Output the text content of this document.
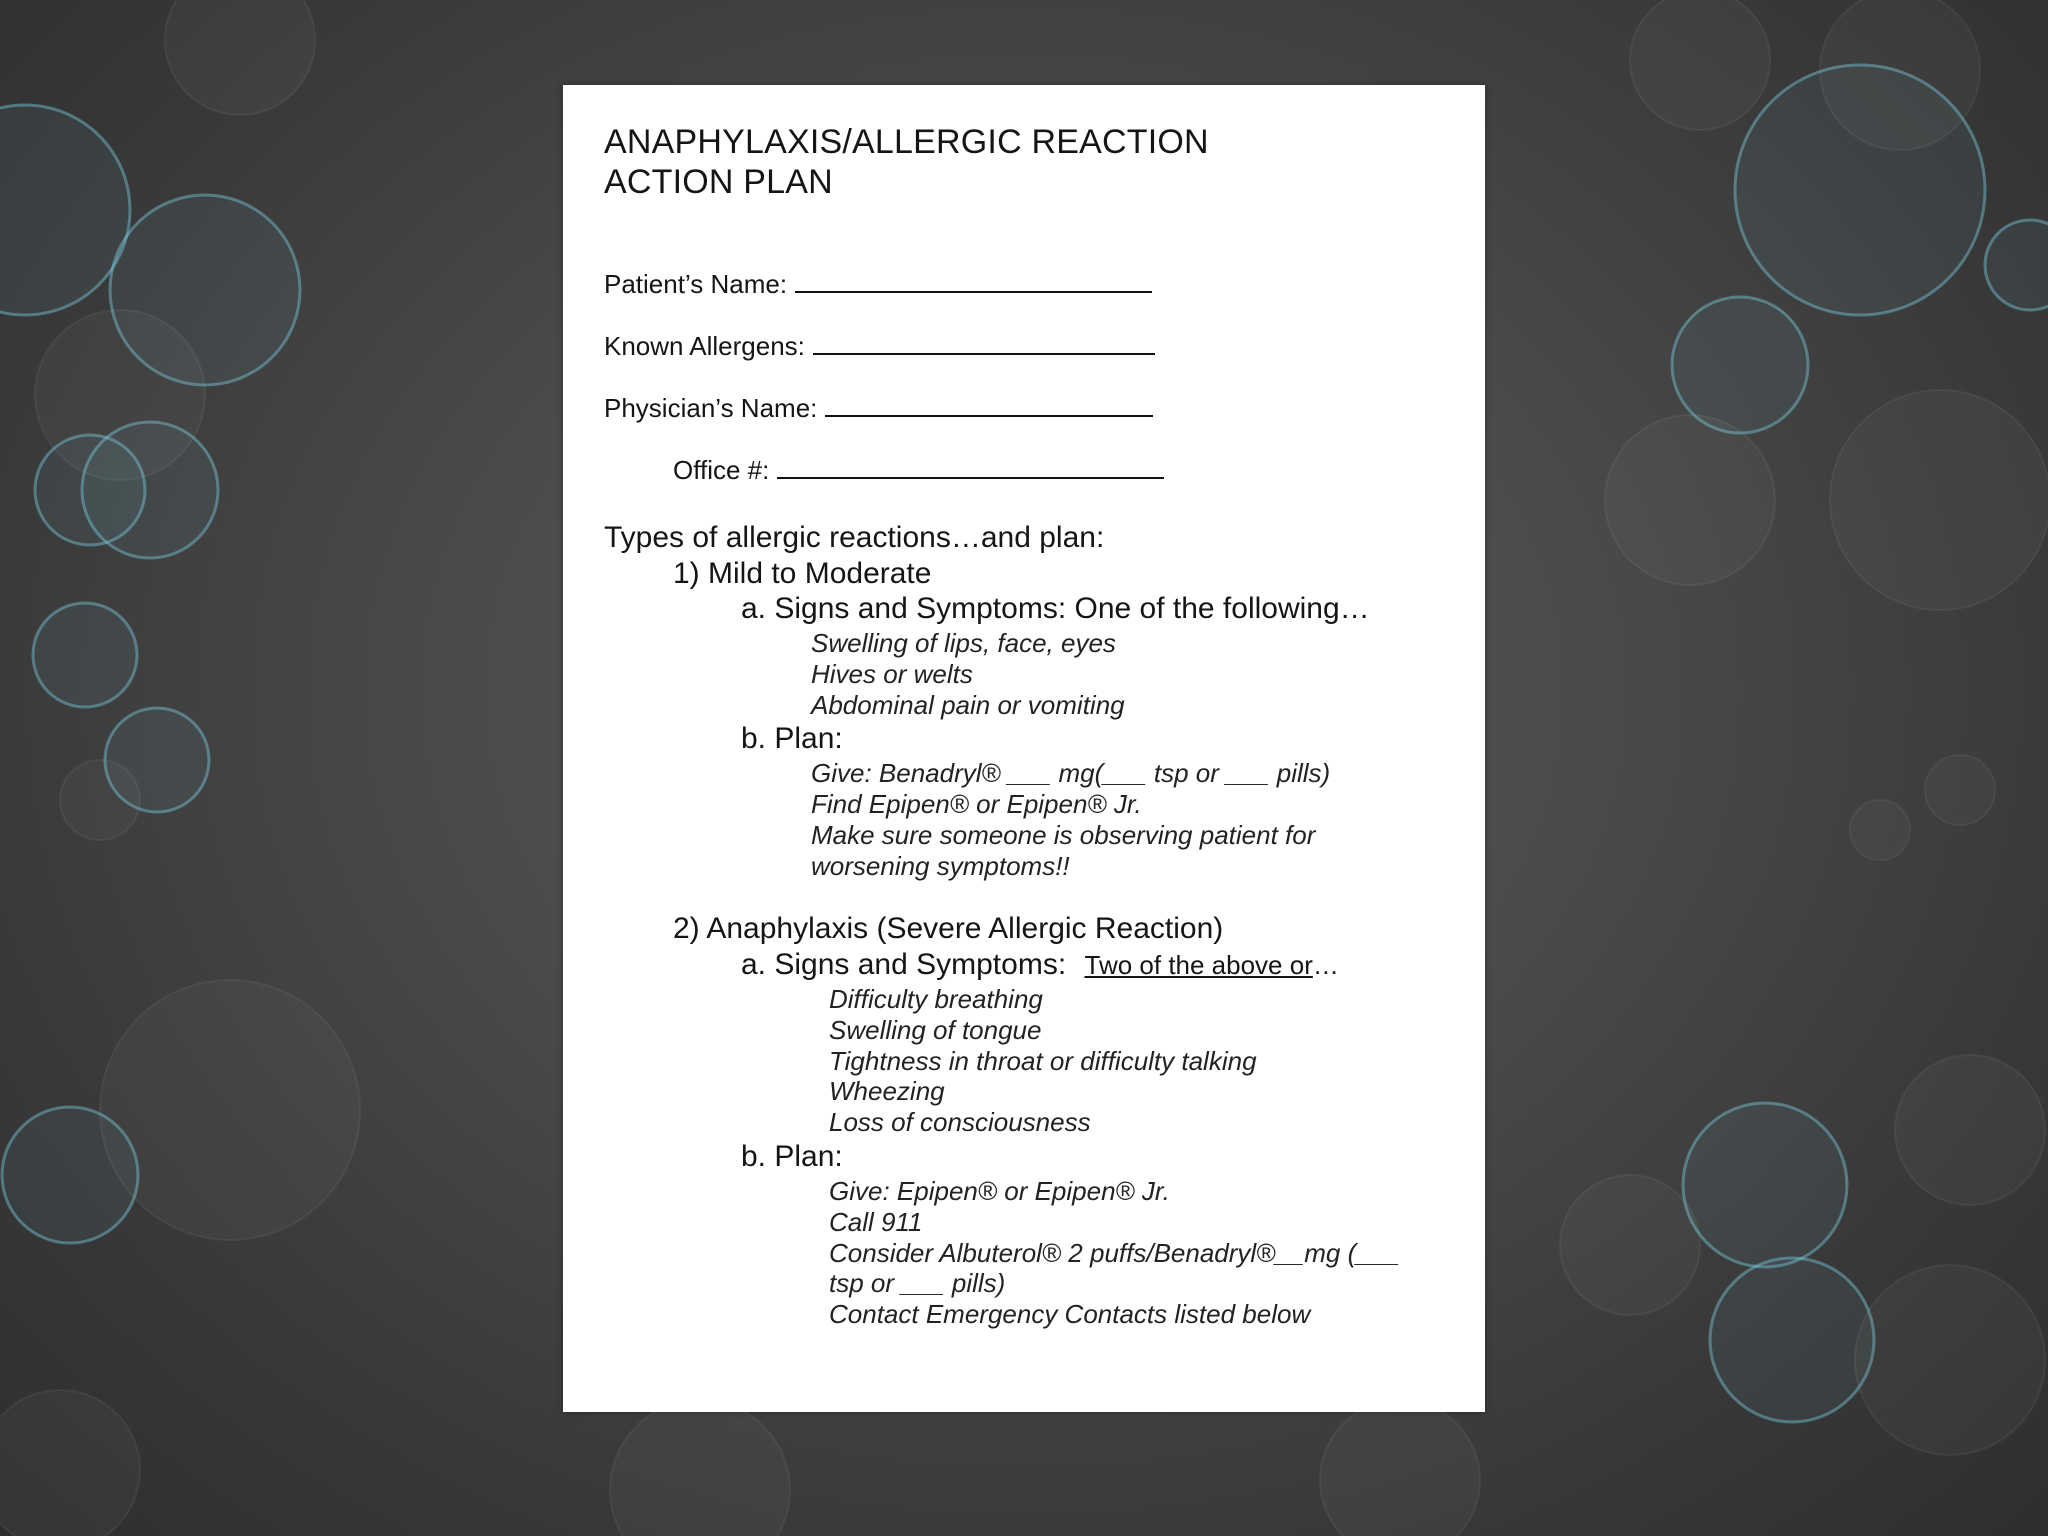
ANAPHYLAXIS/ALLERGIC REACTION
ACTION PLAN
Patient’s Name:
Known Allergens:
Physician’s Name:
Office #:
Types of allergic reactions…and plan:
1) Mild to Moderate
a. Signs and Symptoms: One of the following…
Swelling of lips, face, eyes
Hives or welts
Abdominal pain or vomiting
b. Plan:
Give: Benadryl® ___ mg(___ tsp or ___ pills)
Find Epipen® or Epipen® Jr.
Make sure someone is observing patient for
worsening symptoms!!
2) Anaphylaxis (Severe Allergic Reaction)
a. Signs and Symptoms: Two of the above or…
Difficulty breathing
Swelling of tongue
Tightness in throat or difficulty talking
Wheezing
Loss of consciousness
b. Plan:
Give: Epipen® or Epipen® Jr.
Call 911
Consider Albuterol® 2 puffs/Benadryl®__mg (___
tsp or ___ pills)
Contact Emergency Contacts listed below
